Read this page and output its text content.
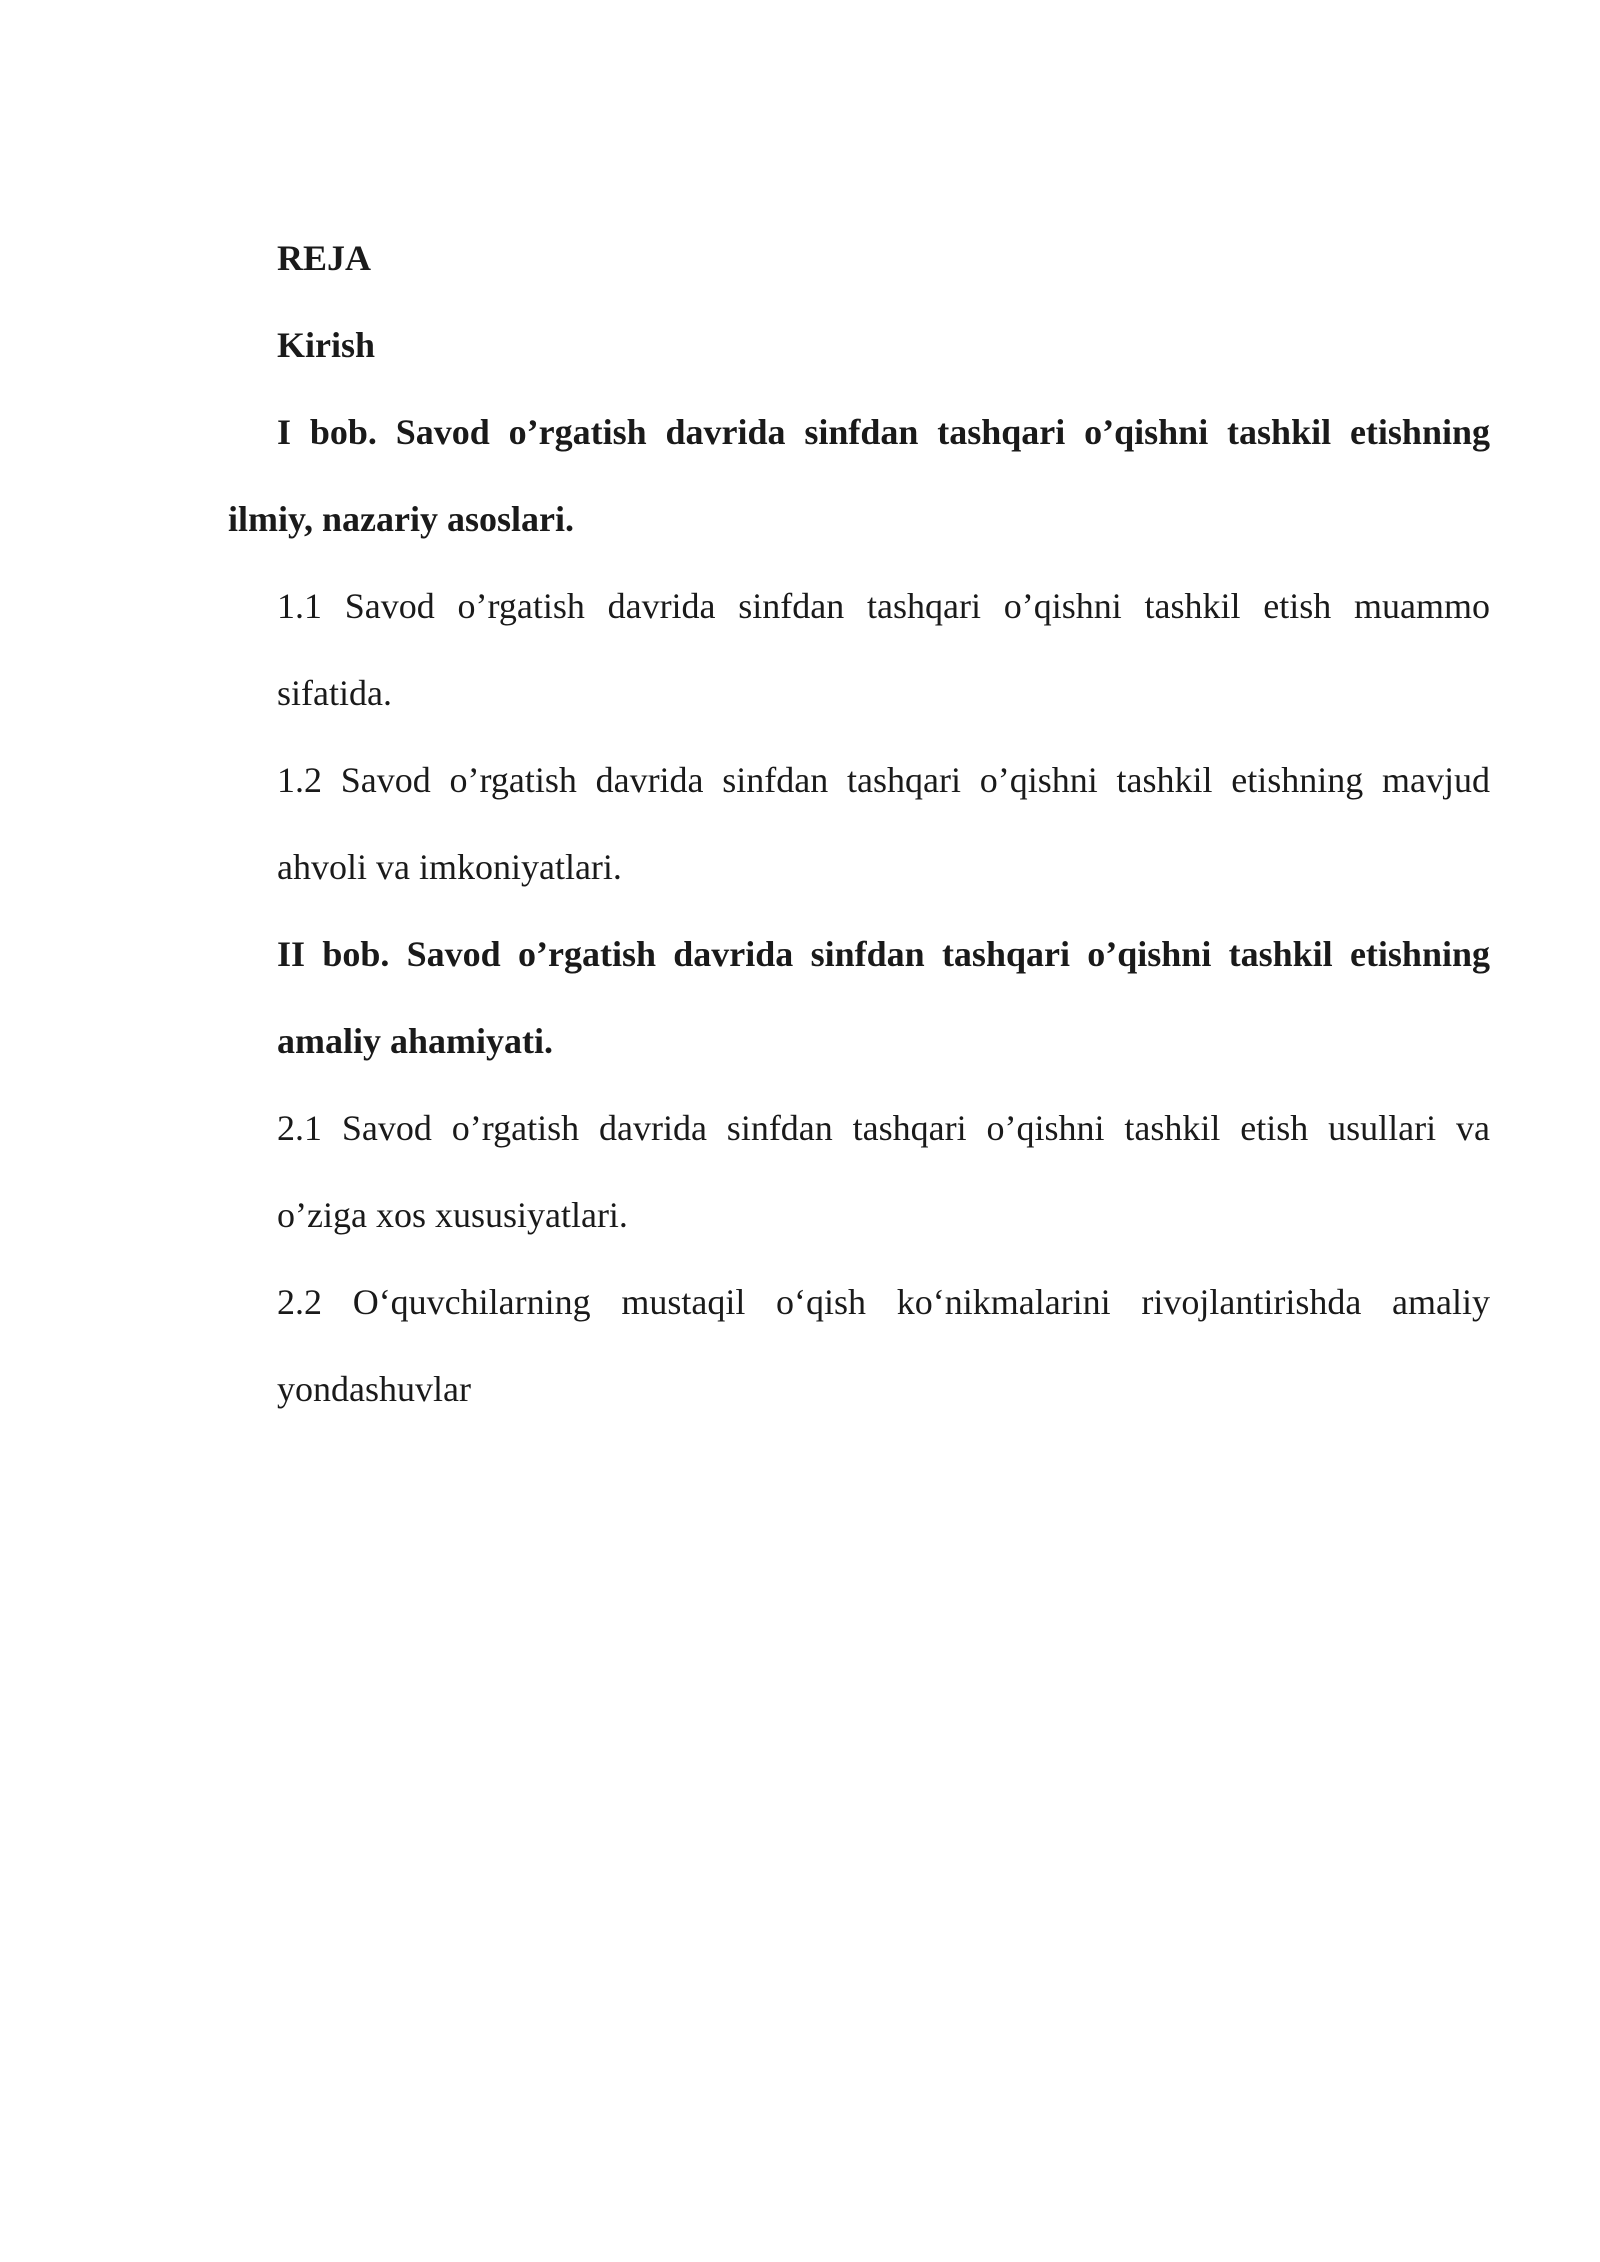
REJA
Kirish
I bob. Savod o’rgatish davrida sinfdan tashqari o’qishni tashkil etishning
ilmiy, nazariy asoslari.
1.1 Savod o’rgatish davrida sinfdan tashqari o’qishni tashkil etish muammo
sifatida.
1.2 Savod o’rgatish davrida sinfdan tashqari o’qishni tashkil etishning mavjud
ahvoli va imkoniyatlari.
II bob. Savod o’rgatish davrida sinfdan tashqari o’qishni tashkil etishning
amaliy ahamiyati.
2.1 Savod o’rgatish davrida sinfdan tashqari o’qishni tashkil etish usullari va
o’ziga xos xususiyatlari.
2.2 O‘quvchilarning mustaqil o‘qish ko‘nikmalarini rivojlantirishda amaliy
yondashuvlar
